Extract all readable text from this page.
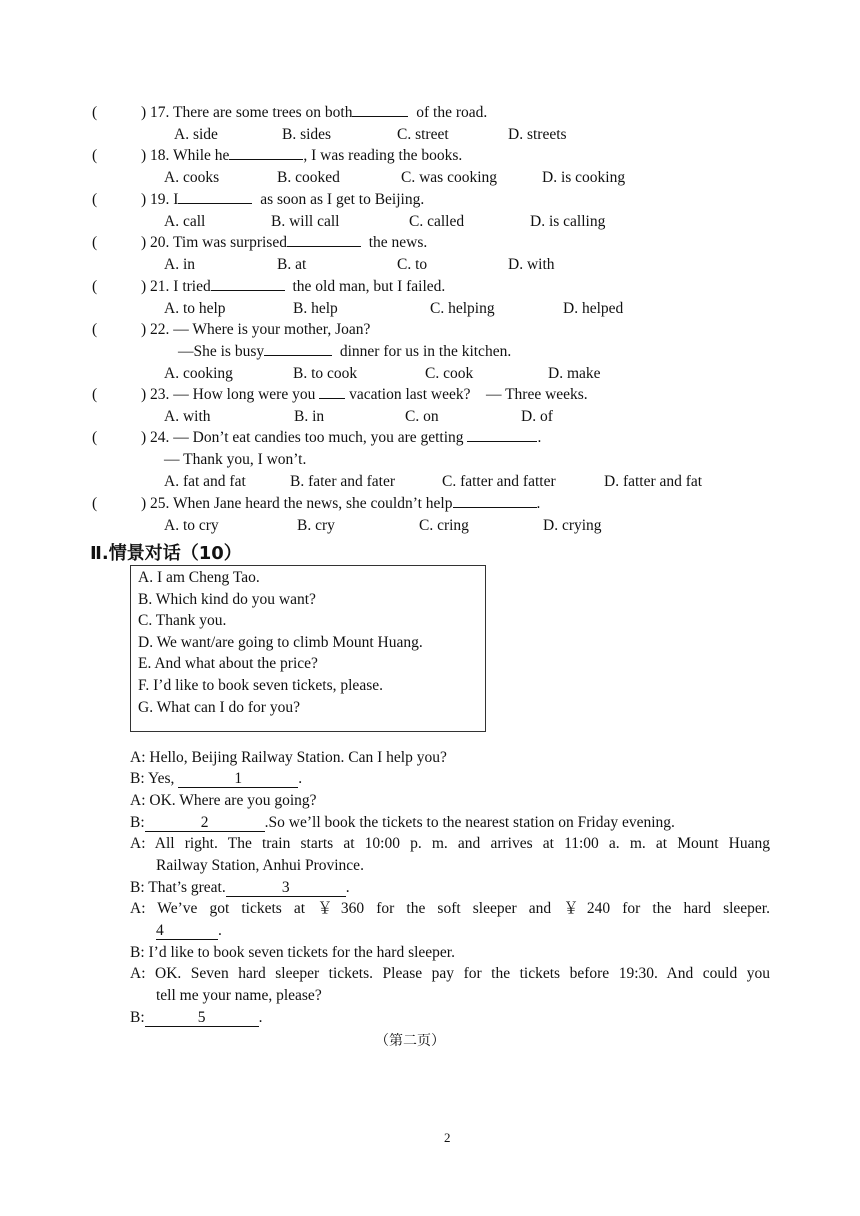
(	) 17. There are some trees on both	of the road.
A. side	B. sides	C. street	D. streets
(	) 18. While he	, I was reading the books.
A. cooks	B. cooked	C. was cooking	D. is cooking
(	) 19. I	as soon as I get to Beijing.
A. call	B. will call	C. called	D. is calling
(	) 20. Tim was surprised	the news.
A. in	B. at	C. to	D. with
(	) 21. I tried	the old man, but I failed.
A. to help	B. help	C. helping	D. helped
(	) 22. — Where is your mother, Joan?
—She is busy	dinner for us in the kitchen.
A. cooking	B. to cook	C. cook	D. make
(	) 23. — How long were you vacation last week?    — Three weeks.
A. with	B. in	C. on	D. of
(	) 24. — Don’t eat candies too much, you are getting	.
— Thank you, I won’t.
A. fat and fat	B. fater and fater	C. fatter and fatter	D. fatter and fat
(	) 25. When Jane heard the news, she couldn’t help	.
A. to cry	B. cry	C. cring	D. crying
Ⅱ.情景对话（10）
A. I am Cheng Tao.
B. Which kind do you want?
C. Thank you.
D. We want/are going to climb Mount Huang.
E. And what about the price?
F. I’d like to book seven tickets, please.
G. What can I do for you?
A: Hello, Beijing Railway Station. Can I help you?
B: Yes,	1	.
A: OK. Where are you going?
B:	2	.So we’ll book the tickets to the nearest station on Friday evening.
A: All right. The train starts at 10:00 p. m. and arrives at 11:00 a. m. at Mount Huang
Railway Station, Anhui Province.
B: That’s great.	3	.
A: We’ve got tickets at ￥360 for the soft sleeper and ￥240 for the hard sleeper.
4	.
B: I’d like to book seven tickets for the hard sleeper.
A: OK. Seven hard sleeper tickets. Please pay for the tickets before 19:30. And could you
tell me your name, please?
B:	5	.
（第二页）
2
